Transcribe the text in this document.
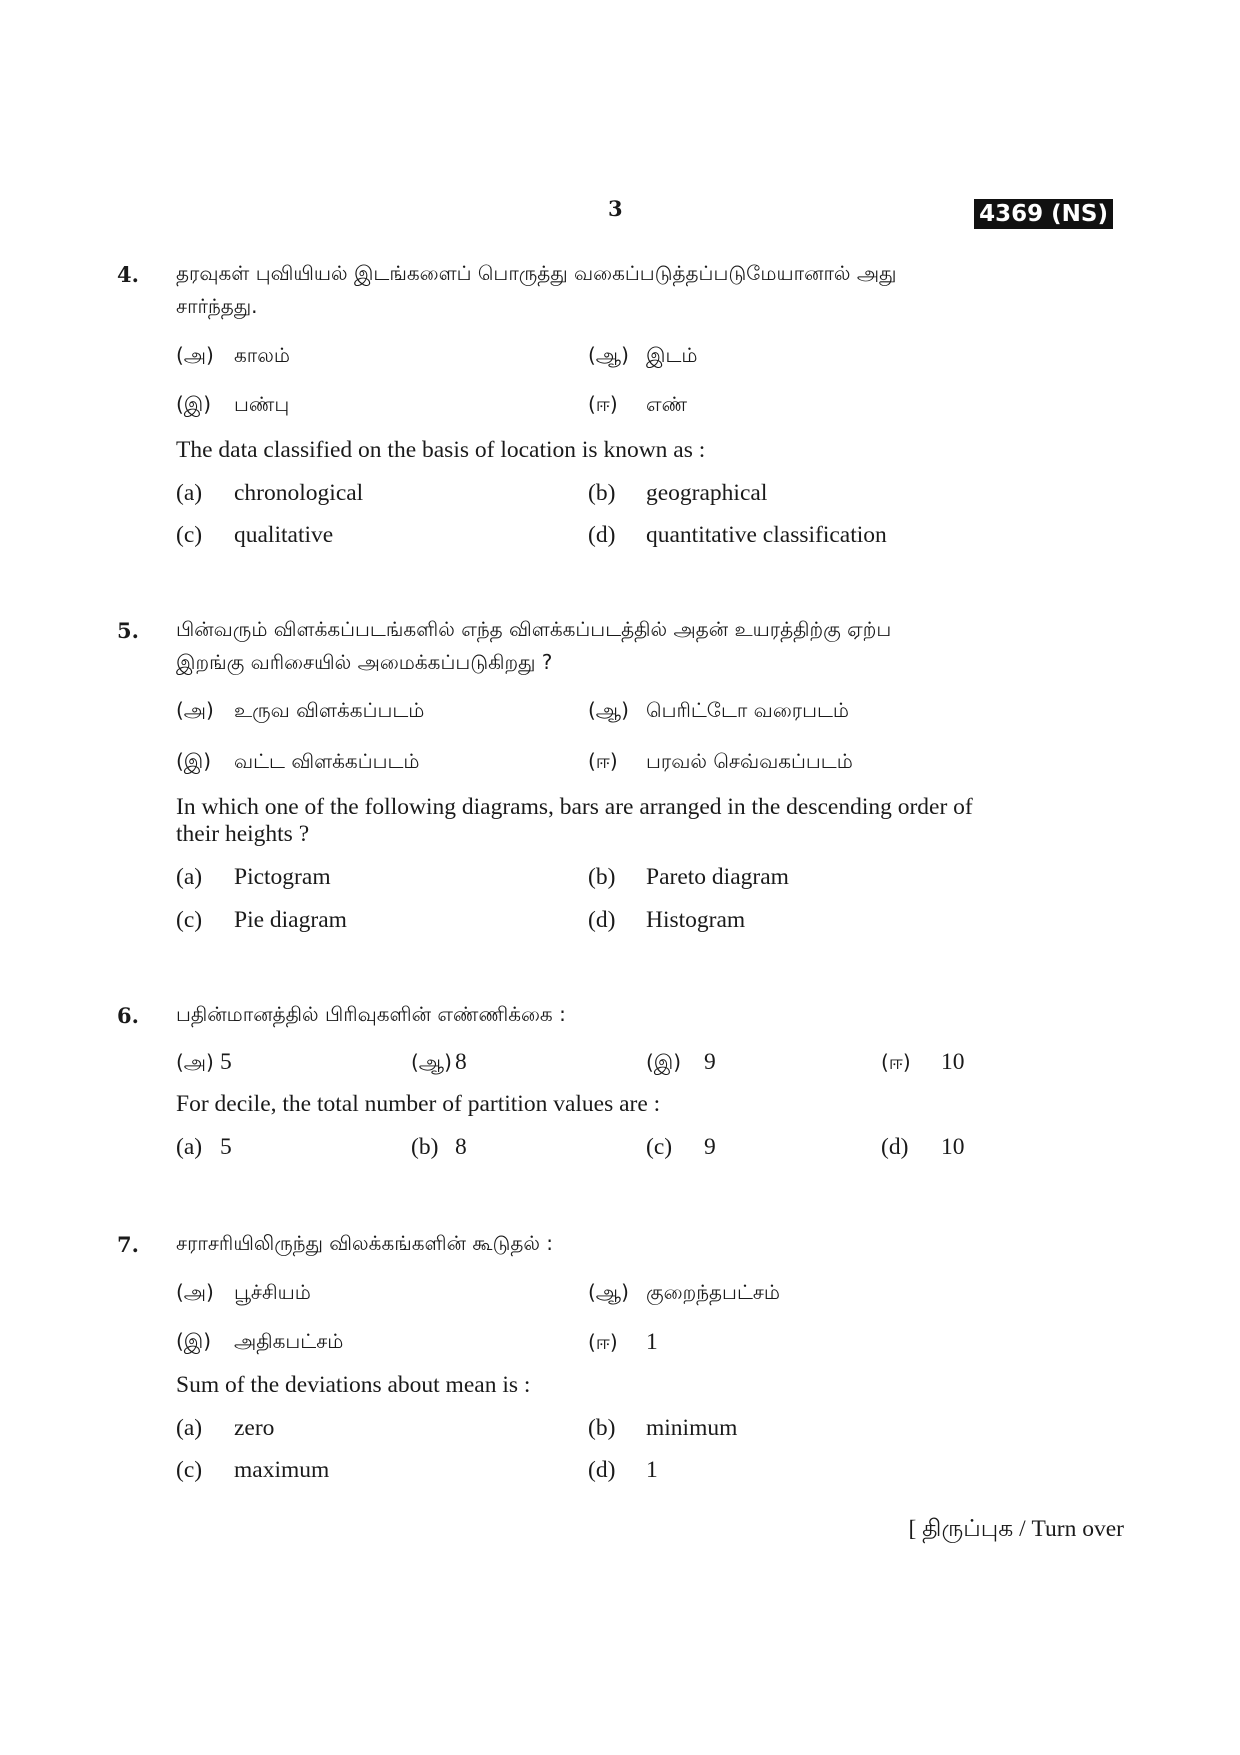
3	4369 (NS)
4. தரவுகள் புவியியல் இடங்களைப் பொருத்து வகைப்படுத்தப்படுமேயானால் அது
சார்ந்தது.
(அ) காலம்	(ஆ) இடம்
(இ) பண்பு	(ஈ) எண்
The data classified on the basis of location is known as :
(a) chronological	(b) geographical
(c) qualitative	(d) quantitative classification
5. பின்வரும் விளக்கப்படங்களில் எந்த விளக்கப்படத்தில் அதன் உயரத்திற்கு ஏற்ப
இறங்கு வரிசையில் அமைக்கப்படுகிறது ?
(அ) உருவ விளக்கப்படம்	(ஆ) பெரிட்டோ வரைபடம்
(இ) வட்ட விளக்கப்படம்	(ஈ) பரவல் செவ்வகப்படம்
In which one of the following diagrams, bars are arranged in the descending order of
their heights ?
(a) Pictogram	(b) Pareto diagram
(c) Pie diagram	(d) Histogram
6. பதின்மானத்தில் பிரிவுகளின் எண்ணிக்கை :
(அ) 5	(ஆ) 8	(இ) 9	(ஈ) 10
For decile, the total number of partition values are :
(a) 5	(b) 8	(c) 9	(d) 10
7. சராசரியிலிருந்து விலக்கங்களின் கூடுதல் :
(அ) பூச்சியம்	(ஆ) குறைந்தபட்சம்
(இ) அதிகபட்சம்	(ஈ) 1
Sum of the deviations about mean is :
(a) zero	(b) minimum
(c) maximum	(d) 1
[ திருப்புக / Turn over
